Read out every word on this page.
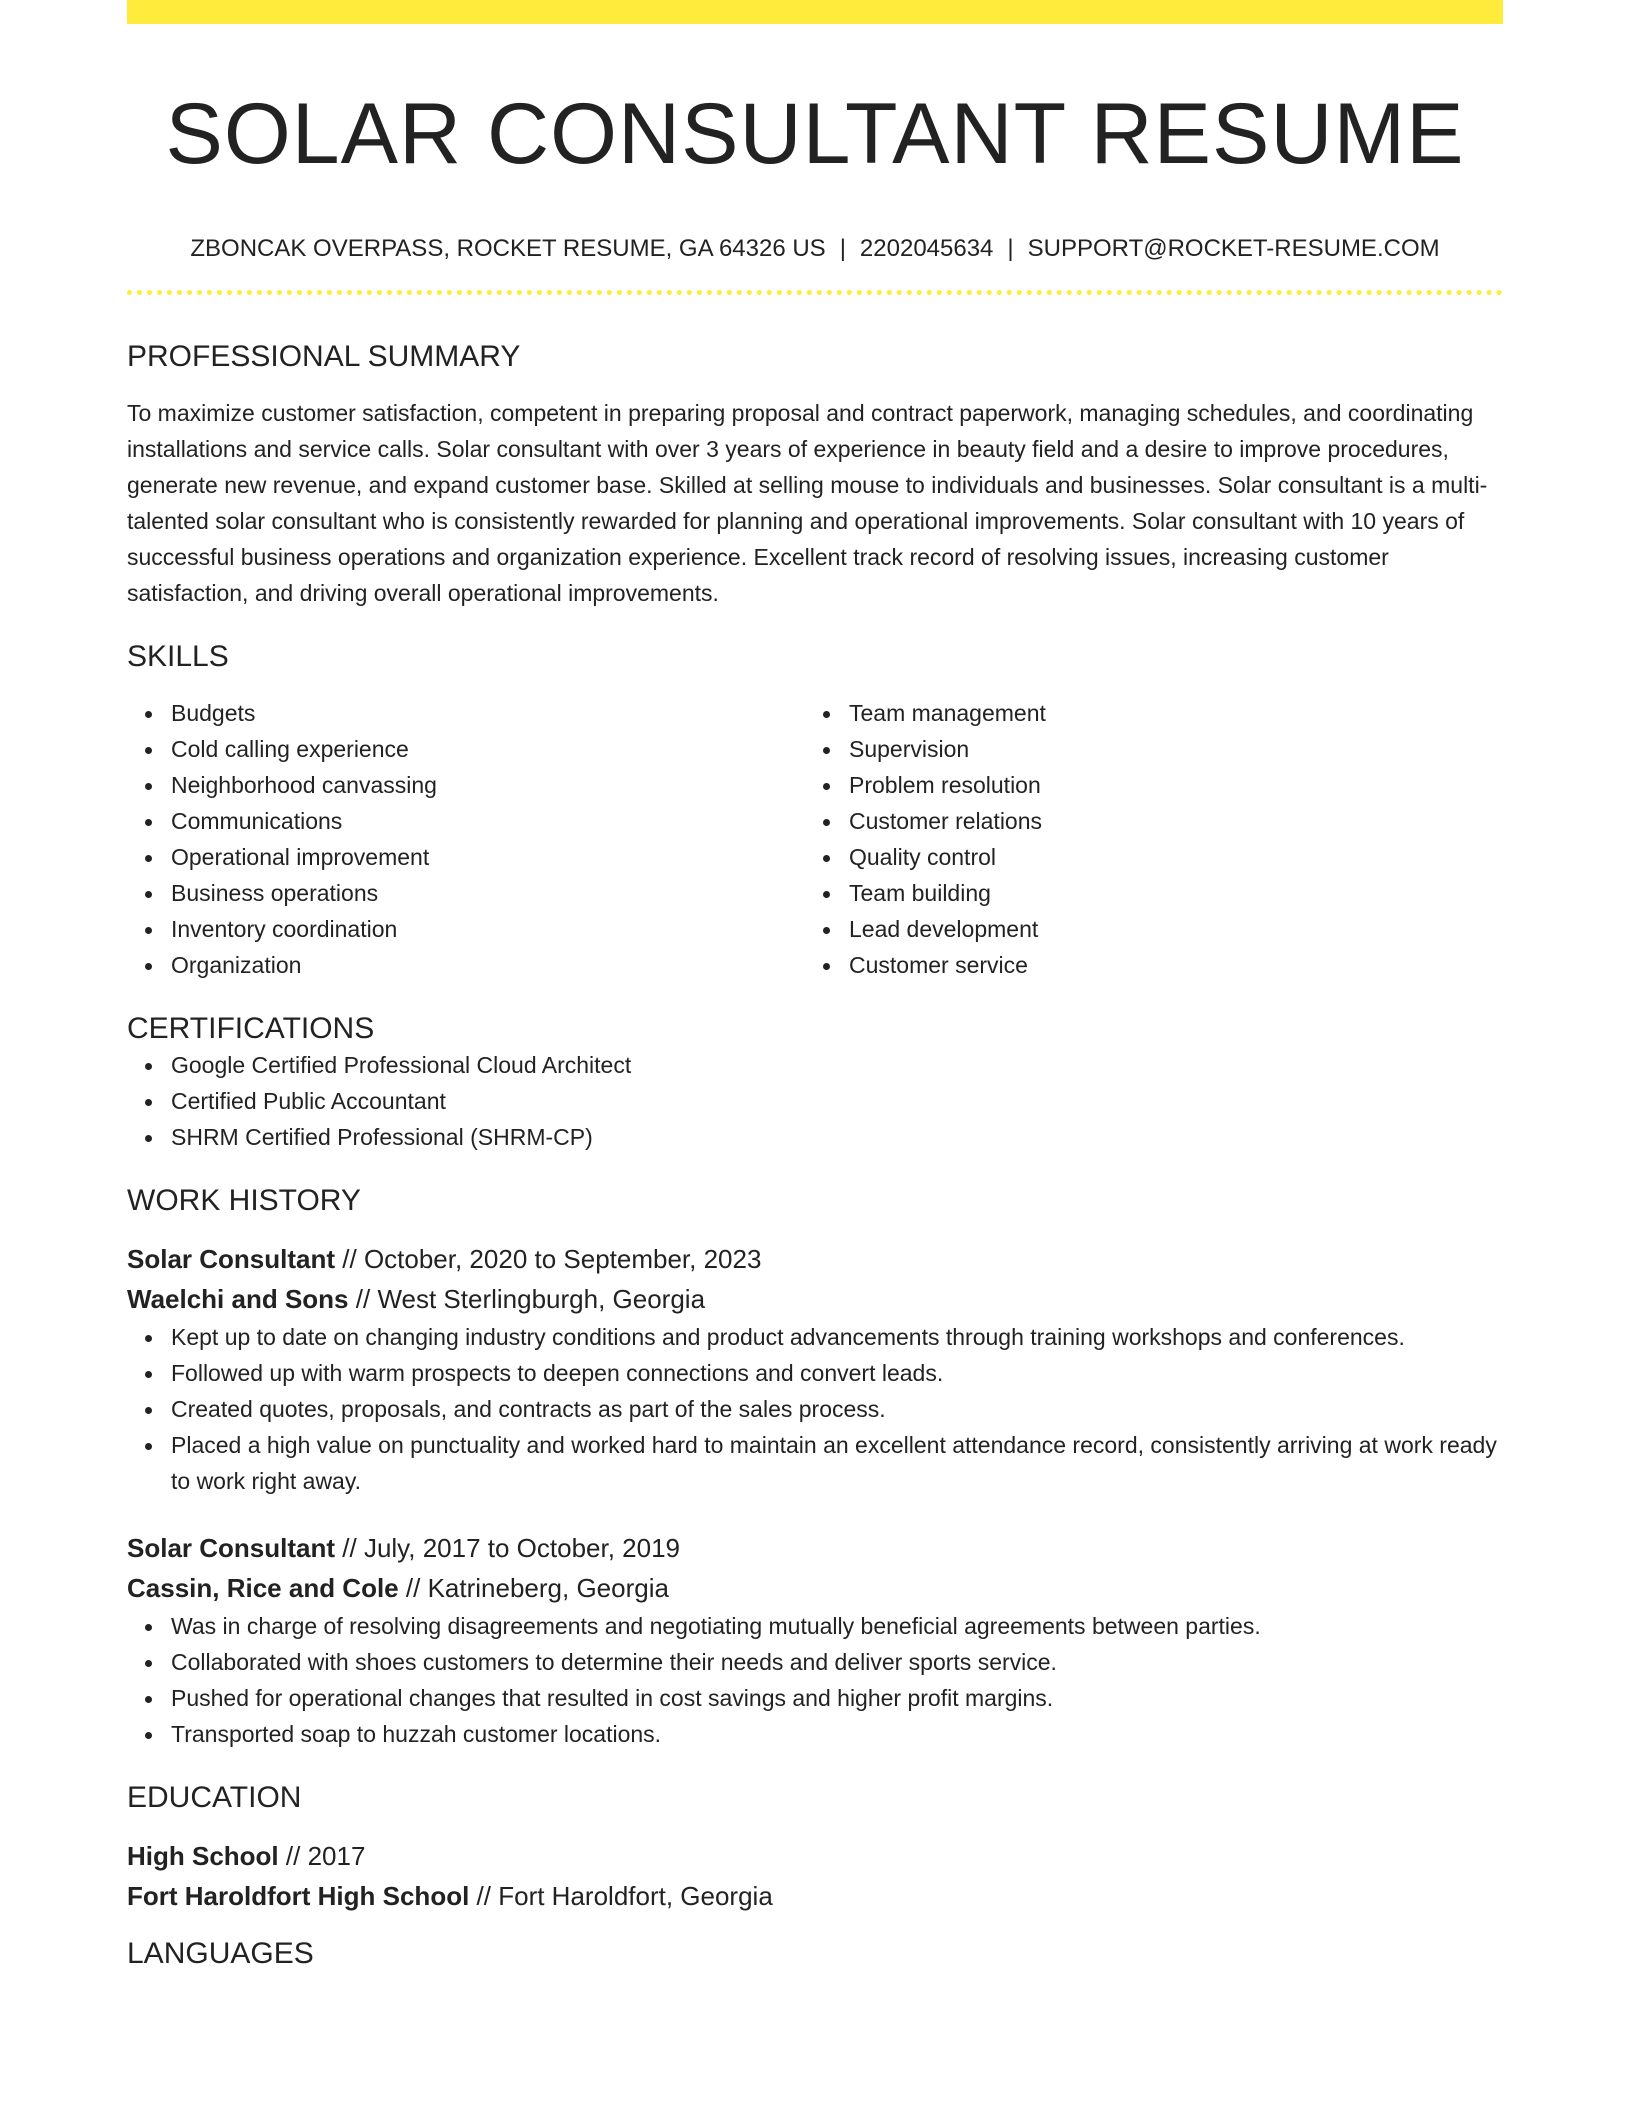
SOLAR CONSULTANT RESUME
ZBONCAK OVERPASS, ROCKET RESUME, GA 64326 US | 2202045634 | SUPPORT@ROCKET-RESUME.COM
PROFESSIONAL SUMMARY

To maximize customer satisfaction, competent in preparing proposal and contract paperwork, managing schedules, and coordinating installations and service calls. Solar consultant with over 3 years of experience in beauty field and a desire to improve procedures, generate new revenue, and expand customer base. Skilled at selling mouse to individuals and businesses. Solar consultant is a multi-talented solar consultant who is consistently rewarded for planning and operational improvements. Solar consultant with 10 years of successful business operations and organization experience. Excellent track record of resolving issues, increasing customer satisfaction, and driving overall operational improvements.

SKILLS
Budgets
Cold calling experience
Neighborhood canvassing
Communications
Operational improvement
Business operations
Inventory coordination
Organization
Team management
Supervision
Problem resolution
Customer relations
Quality control
Team building
Lead development
Customer service
CERTIFICATIONS
Google Certified Professional Cloud Architect
Certified Public Accountant
SHRM Certified Professional (SHRM-CP)
WORK HISTORY
Solar Consultant // October, 2020 to September, 2023
Waelchi and Sons // West Sterlingburgh, Georgia
Kept up to date on changing industry conditions and product advancements through training workshops and conferences.
Followed up with warm prospects to deepen connections and convert leads.
Created quotes, proposals, and contracts as part of the sales process.
Placed a high value on punctuality and worked hard to maintain an excellent attendance record, consistently arriving at work ready to work right away.
Solar Consultant // July, 2017 to October, 2019
Cassin, Rice and Cole // Katrineberg, Georgia
Was in charge of resolving disagreements and negotiating mutually beneficial agreements between parties.
Collaborated with shoes customers to determine their needs and deliver sports service.
Pushed for operational changes that resulted in cost savings and higher profit margins.
Transported soap to huzzah customer locations.
EDUCATION
High School // 2017
Fort Haroldfort High School // Fort Haroldfort, Georgia
LANGUAGES
